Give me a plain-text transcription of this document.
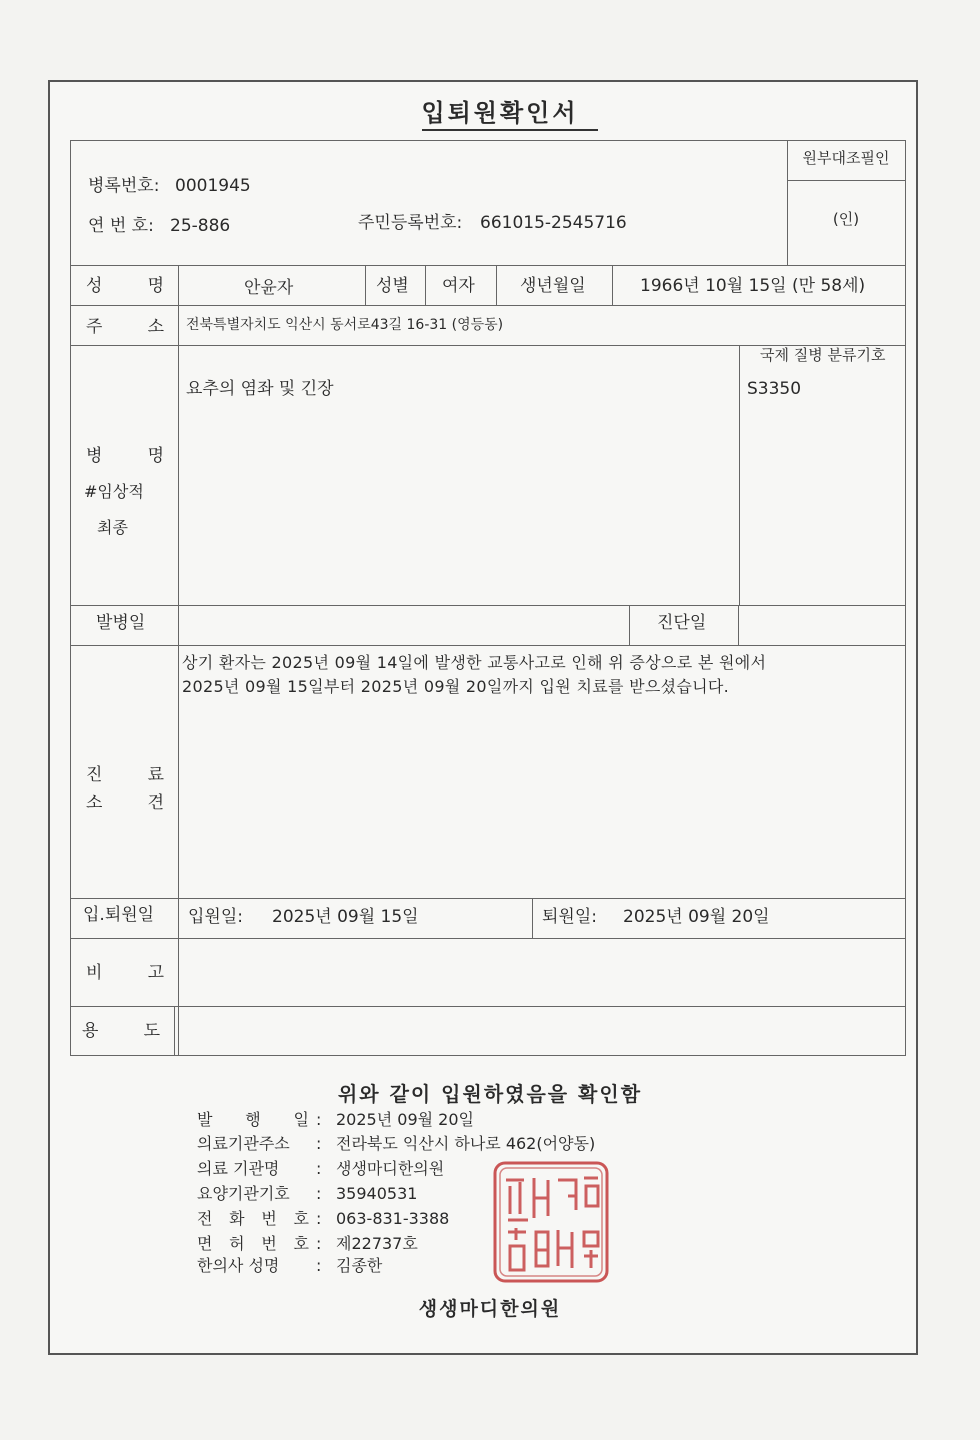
입퇴원확인서
병록번호: 0001945
연 번 호: 25-886	주민등록번호: 661015-2545716
원부대조필인
(인)
성	명	안윤자	성별 여자	생년월일	1966년 10월 15일 (만 58세)
주	소 전북특별자치도 익산시 동서로43길 16-31 (영등동)
병	명
#임상적
최종
요추의 염좌 및 긴장
국제 질병 분류기호
S3350
발병일	진단일
진	료
소	견
상기 환자는 2025년 09월 14일에 발생한 교통사고로 인해 위 증상으로 본 원에서
2025년 09월 15일부터 2025년 09월 20일까지 입원 치료를 받으셨습니다.
입.퇴원일 입원일: 2025년 09월 15일	퇴원일: 2025년 09월 20일
비	고
용	도
위와 같이 입원하였음을 확인함
발 행 일 : 2025년 09월 20일
의료기관주소 : 전라북도 익산시 하나로 462(어양동)
의료 기관명 : 생생마디한의원
요양기관기호 : 35940531
전 화 번 호 : 063-831-3388
면 허 번 호 : 제22737호
한의사 성명 : 김종한
생생마디한의원
